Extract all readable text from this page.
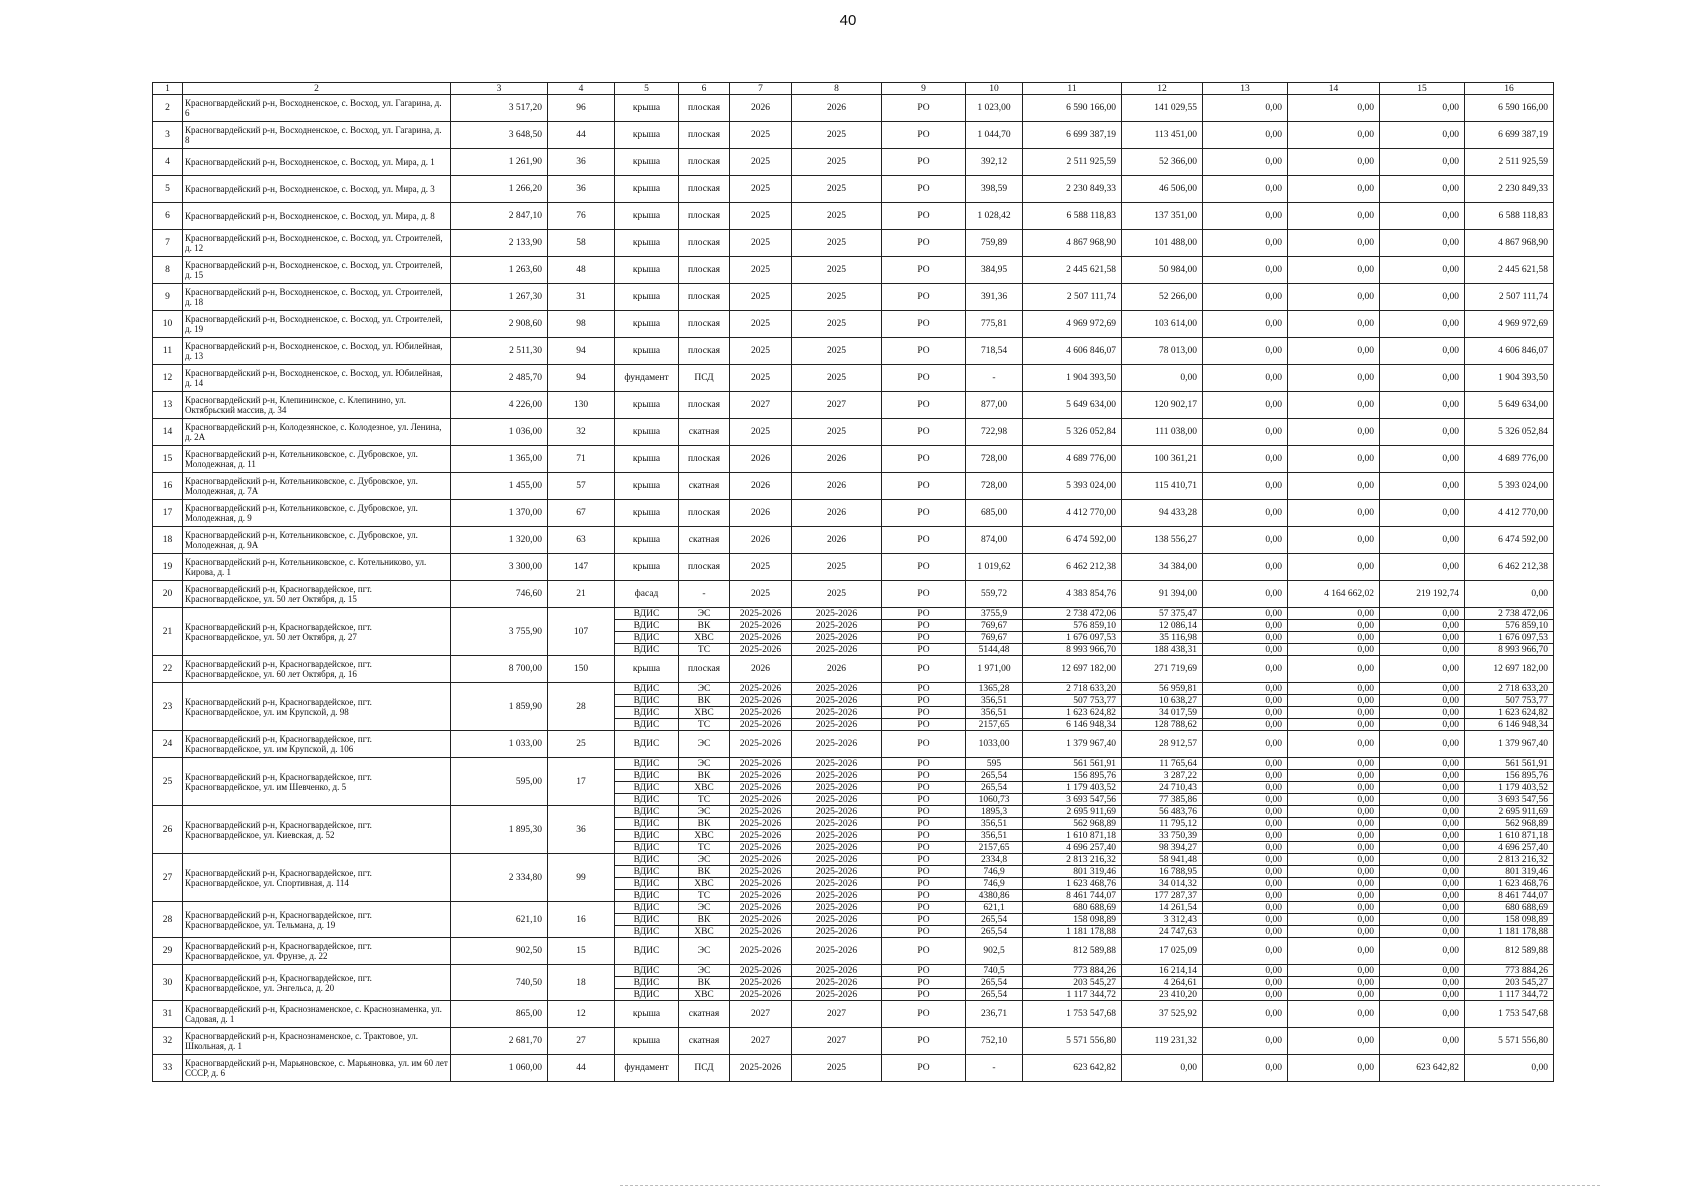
40
1	2	3	4	5	6	7	8	9	10	11	12	13	14	15	16
2	Красногвардейский р-н, Восходненское, с. Восход, ул. Гагарина, д. 6	3 517,20	96	крыша	плоская	2026	2026	РО	1 023,00	6 590 166,00	141 029,55	0,00	0,00	0,00	6 590 166,00
3	Красногвардейский р-н, Восходненское, с. Восход, ул. Гагарина, д. 8	3 648,50	44	крыша	плоская	2025	2025	РО	1 044,70	6 699 387,19	113 451,00	0,00	0,00	0,00	6 699 387,19
4	Красногвардейский р-н, Восходненское, с. Восход, ул. Мира, д. 1	1 261,90	36	крыша	плоская	2025	2025	РО	392,12	2 511 925,59	52 366,00	0,00	0,00	0,00	2 511 925,59
5	Красногвардейский р-н, Восходненское, с. Восход, ул. Мира, д. 3	1 266,20	36	крыша	плоская	2025	2025	РО	398,59	2 230 849,33	46 506,00	0,00	0,00	0,00	2 230 849,33
6	Красногвардейский р-н, Восходненское, с. Восход, ул. Мира, д. 8	2 847,10	76	крыша	плоская	2025	2025	РО	1 028,42	6 588 118,83	137 351,00	0,00	0,00	0,00	6 588 118,83
7	Красногвардейский р-н, Восходненское, с. Восход, ул. Строителей, д. 12	2 133,90	58	крыша	плоская	2025	2025	РО	759,89	4 867 968,90	101 488,00	0,00	0,00	0,00	4 867 968,90
8	Красногвардейский р-н, Восходненское, с. Восход, ул. Строителей, д. 15	1 263,60	48	крыша	плоская	2025	2025	РО	384,95	2 445 621,58	50 984,00	0,00	0,00	0,00	2 445 621,58
9	Красногвардейский р-н, Восходненское, с. Восход, ул. Строителей, д. 18	1 267,30	31	крыша	плоская	2025	2025	РО	391,36	2 507 111,74	52 266,00	0,00	0,00	0,00	2 507 111,74
10	Красногвардейский р-н, Восходненское, с. Восход, ул. Строителей, д. 19	2 908,60	98	крыша	плоская	2025	2025	РО	775,81	4 969 972,69	103 614,00	0,00	0,00	0,00	4 969 972,69
11	Красногвардейский р-н, Восходненское, с. Восход, ул. Юбилейная, д. 13	2 511,30	94	крыша	плоская	2025	2025	РО	718,54	4 606 846,07	78 013,00	0,00	0,00	0,00	4 606 846,07
12	Красногвардейский р-н, Восходненское, с. Восход, ул. Юбилейная, д. 14	2 485,70	94	фундамент	ПСД	2025	2025	РО	-	1 904 393,50	0,00	0,00	0,00	0,00	1 904 393,50
13	Красногвардейский р-н, Клепининское, с. Клепинино, ул. Октябрьский массив, д. 34	4 226,00	130	крыша	плоская	2027	2027	РО	877,00	5 649 634,00	120 902,17	0,00	0,00	0,00	5 649 634,00
14	Красногвардейский р-н, Колодезянское, с. Колодезное, ул. Ленина, д. 2А	1 036,00	32	крыша	скатная	2025	2025	РО	722,98	5 326 052,84	111 038,00	0,00	0,00	0,00	5 326 052,84
15	Красногвардейский р-н, Котельниковское, с. Дубровское, ул. Молодежная, д. 11	1 365,00	71	крыша	плоская	2026	2026	РО	728,00	4 689 776,00	100 361,21	0,00	0,00	0,00	4 689 776,00
16	Красногвардейский р-н, Котельниковское, с. Дубровское, ул. Молодежная, д. 7А	1 455,00	57	крыша	скатная	2026	2026	РО	728,00	5 393 024,00	115 410,71	0,00	0,00	0,00	5 393 024,00
17	Красногвардейский р-н, Котельниковское, с. Дубровское, ул. Молодежная, д. 9	1 370,00	67	крыша	плоская	2026	2026	РО	685,00	4 412 770,00	94 433,28	0,00	0,00	0,00	4 412 770,00
18	Красногвардейский р-н, Котельниковское, с. Дубровское, ул. Молодежная, д. 9А	1 320,00	63	крыша	скатная	2026	2026	РО	874,00	6 474 592,00	138 556,27	0,00	0,00	0,00	6 474 592,00
19	Красногвардейский р-н, Котельниковское, с. Котельниково, ул. Кирова, д. 1	3 300,00	147	крыша	плоская	2025	2025	РО	1 019,62	6 462 212,38	34 384,00	0,00	0,00	0,00	6 462 212,38
20	Красногвардейский р-н, Красногвардейское, пгт. Красногвардейское, ул. 50 лет Октября, д. 15	746,60	21	фасад	-	2025	2025	РО	559,72	4 383 854,76	91 394,00	0,00	4 164 662,02	219 192,74	0,00
21	Красногвардейский р-н, Красногвардейское, пгт. Красногвардейское, ул. 50 лет Октября, д. 27	3 755,90	107	ВДИС	ЭС	2025-2026	2025-2026	РО	3755,9	2 738 472,06	57 375,47	0,00	0,00	0,00	2 738 472,06
				ВДИС	ВК	2025-2026	2025-2026	РО	769,67	576 859,10	12 086,14	0,00	0,00	0,00	576 859,10
				ВДИС	ХВС	2025-2026	2025-2026	РО	769,67	1 676 097,53	35 116,98	0,00	0,00	0,00	1 676 097,53
				ВДИС	ТС	2025-2026	2025-2026	РО	5144,48	8 993 966,70	188 438,31	0,00	0,00	0,00	8 993 966,70
22	Красногвардейский р-н, Красногвардейское, пгт. Красногвардейское, ул. 60 лет Октября, д. 16	8 700,00	150	крыша	плоская	2026	2026	РО	1 971,00	12 697 182,00	271 719,69	0,00	0,00	0,00	12 697 182,00
23	Красногвардейский р-н, Красногвардейское, пгт. Красногвардейское, ул. им Крупской, д. 98	1 859,90	28	ВДИС	ЭС	2025-2026	2025-2026	РО	1365,28	2 718 633,20	56 959,81	0,00	0,00	0,00	2 718 633,20
				ВДИС	ВК	2025-2026	2025-2026	РО	356,51	507 753,77	10 638,27	0,00	0,00	0,00	507 753,77
				ВДИС	ХВС	2025-2026	2025-2026	РО	356,51	1 623 624,82	34 017,59	0,00	0,00	0,00	1 623 624,82
				ВДИС	ТС	2025-2026	2025-2026	РО	2157,65	6 146 948,34	128 788,62	0,00	0,00	0,00	6 146 948,34
24	Красногвардейский р-н, Красногвардейское, пгт. Красногвардейское, ул. им Крупской, д. 106	1 033,00	25	ВДИС	ЭС	2025-2026	2025-2026	РО	1033,00	1 379 967,40	28 912,57	0,00	0,00	0,00	1 379 967,40
25	Красногвардейский р-н, Красногвардейское, пгт. Красногвардейское, ул. им Шевченко, д. 5	595,00	17	ВДИС	ЭС	2025-2026	2025-2026	РО	595	561 561,91	11 765,64	0,00	0,00	0,00	561 561,91
				ВДИС	ВК	2025-2026	2025-2026	РО	265,54	156 895,76	3 287,22	0,00	0,00	0,00	156 895,76
				ВДИС	ХВС	2025-2026	2025-2026	РО	265,54	1 179 403,52	24 710,43	0,00	0,00	0,00	1 179 403,52
				ВДИС	ТС	2025-2026	2025-2026	РО	1060,73	3 693 547,56	77 385,86	0,00	0,00	0,00	3 693 547,56
26	Красногвардейский р-н, Красногвардейское, пгт. Красногвардейское, ул. Киевская, д. 52	1 895,30	36	ВДИС	ЭС	2025-2026	2025-2026	РО	1895,3	2 695 911,69	56 483,76	0,00	0,00	0,00	2 695 911,69
				ВДИС	ВК	2025-2026	2025-2026	РО	356,51	562 968,89	11 795,12	0,00	0,00	0,00	562 968,89
				ВДИС	ХВС	2025-2026	2025-2026	РО	356,51	1 610 871,18	33 750,39	0,00	0,00	0,00	1 610 871,18
				ВДИС	ТС	2025-2026	2025-2026	РО	2157,65	4 696 257,40	98 394,27	0,00	0,00	0,00	4 696 257,40
27	Красногвардейский р-н, Красногвардейское, пгт. Красногвардейское, ул. Спортивная, д. 114	2 334,80	99	ВДИС	ЭС	2025-2026	2025-2026	РО	2334,8	2 813 216,32	58 941,48	0,00	0,00	0,00	2 813 216,32
				ВДИС	ВК	2025-2026	2025-2026	РО	746,9	801 319,46	16 788,95	0,00	0,00	0,00	801 319,46
				ВДИС	ХВС	2025-2026	2025-2026	РО	746,9	1 623 468,76	34 014,32	0,00	0,00	0,00	1 623 468,76
				ВДИС	ТС	2025-2026	2025-2026	РО	4380,86	8 461 744,07	177 287,37	0,00	0,00	0,00	8 461 744,07
28	Красногвардейский р-н, Красногвардейское, пгт. Красногвардейское, ул. Тельмана, д. 19	621,10	16	ВДИС	ЭС	2025-2026	2025-2026	РО	621,1	680 688,69	14 261,54	0,00	0,00	0,00	680 688,69
				ВДИС	ВК	2025-2026	2025-2026	РО	265,54	158 098,89	3 312,43	0,00	0,00	0,00	158 098,89
				ВДИС	ХВС	2025-2026	2025-2026	РО	265,54	1 181 178,88	24 747,63	0,00	0,00	0,00	1 181 178,88
29	Красногвардейский р-н, Красногвардейское, пгт. Красногвардейское, ул. Фрунзе, д. 22	902,50	15	ВДИС	ЭС	2025-2026	2025-2026	РО	902,5	812 589,88	17 025,09	0,00	0,00	0,00	812 589,88
30	Красногвардейский р-н, Красногвардейское, пгт. Красногвардейское, ул. Энгельса, д. 20	740,50	18	ВДИС	ЭС	2025-2026	2025-2026	РО	740,5	773 884,26	16 214,14	0,00	0,00	0,00	773 884,26
				ВДИС	ВК	2025-2026	2025-2026	РО	265,54	203 545,27	4 264,61	0,00	0,00	0,00	203 545,27
				ВДИС	ХВС	2025-2026	2025-2026	РО	265,54	1 117 344,72	23 410,20	0,00	0,00	0,00	1 117 344,72
31	Красногвардейский р-н, Краснознаменское, с. Краснознаменка, ул. Садовая, д. 1	865,00	12	крыша	скатная	2027	2027	РО	236,71	1 753 547,68	37 525,92	0,00	0,00	0,00	1 753 547,68
32	Красногвардейский р-н, Краснознаменское, с. Трактовое, ул. Школьная, д. 1	2 681,70	27	крыша	скатная	2027	2027	РО	752,10	5 571 556,80	119 231,32	0,00	0,00	0,00	5 571 556,80
33	Красногвардейский р-н, Марьяновское, с. Марьяновка, ул. им 60 лет СССР, д. 6	1 060,00	44	фундамент	ПСД	2025-2026	2025	РО	-	623 642,82	0,00	0,00	0,00	623 642,82	0,00
